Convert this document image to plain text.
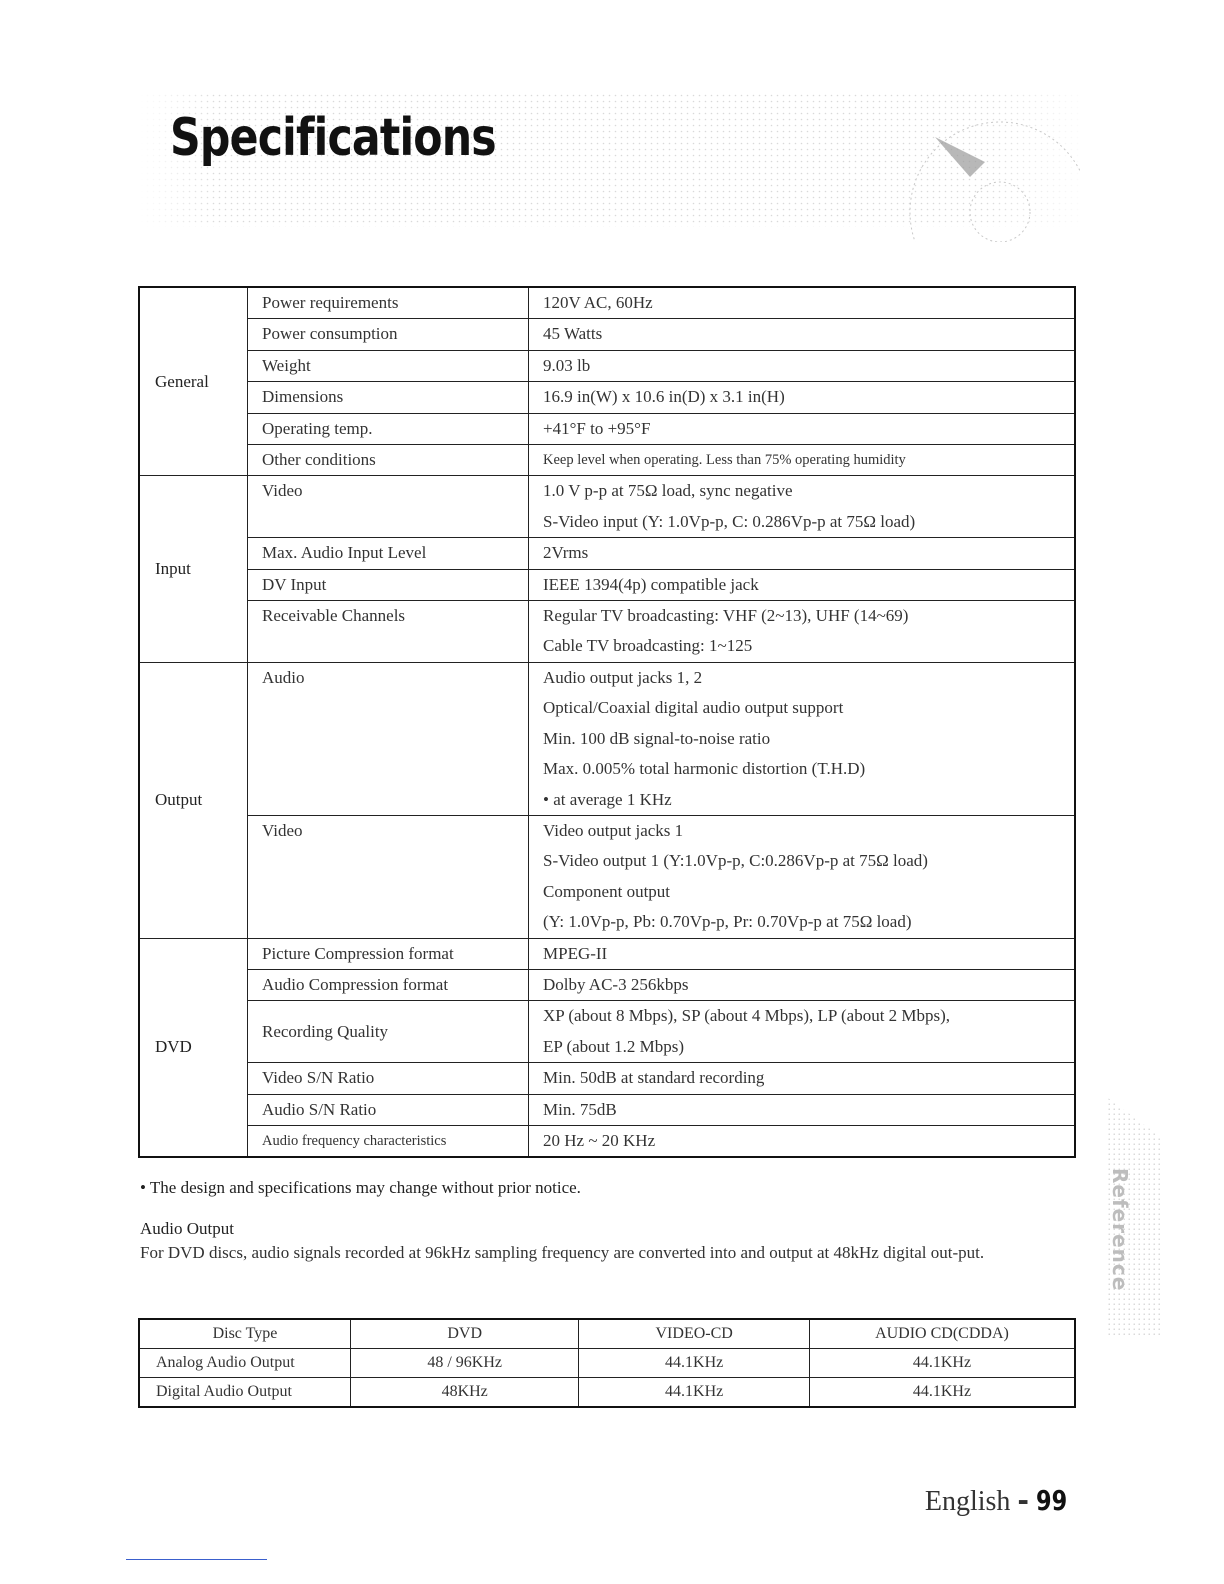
Specifications
General	Power requirements	120V AC, 60Hz

	Power consumption	45 Watts

	Weight	9.03 lb

	Dimensions	16.9 in(W) x 10.6 in(D) x 3.1 in(H)

	Operating temp.	+41°F to +95°F

	Other conditions	Keep level when operating. Less than 75% operating humidity

Input	Video	1.0 V p-p at 75Ω load, sync negative
S-Video input (Y: 1.0Vp-p, C: 0.286Vp-p at 75Ω load)

	Max. Audio Input Level	2Vrms

	DV Input	IEEE 1394(4p) compatible jack

	Receivable Channels	Regular TV broadcasting: VHF (2~13), UHF (14~69)
Cable TV broadcasting: 1~125

Output	Audio	Audio output jacks 1, 2
Optical/Coaxial digital audio output support
Min. 100 dB signal-to-noise ratio
Max. 0.005% total harmonic distortion (T.H.D)
• at average 1 KHz

	Video	Video output jacks 1
S-Video output 1 (Y:1.0Vp-p, C:0.286Vp-p at 75Ω load)
Component output
(Y: 1.0Vp-p, Pb: 0.70Vp-p, Pr: 0.70Vp-p at 75Ω load)

DVD	Picture Compression format	MPEG-II

	Audio Compression format	Dolby AC-3 256kbps

	Recording Quality	XP (about 8 Mbps), SP (about 4 Mbps), LP (about 2 Mbps),
EP (about 1.2 Mbps)

	Video S/N Ratio	Min. 50dB at standard recording

	Audio S/N Ratio	Min. 75dB

	Audio frequency characteristics	20 Hz ~ 20 KHz

• The design and specifications may change without prior notice.

Audio Output

For DVD discs, audio signals recorded at 96kHz sampling frequency are converted into and output at 48kHz digital out-put.

Disc Type	DVD	VIDEO-CD	AUDIO CD(CDDA)
Analog Audio Output	48 / 96KHz	44.1KHz	44.1KHz
Digital Audio Output	48KHz	44.1KHz	44.1KHz
Reference
English - 99
